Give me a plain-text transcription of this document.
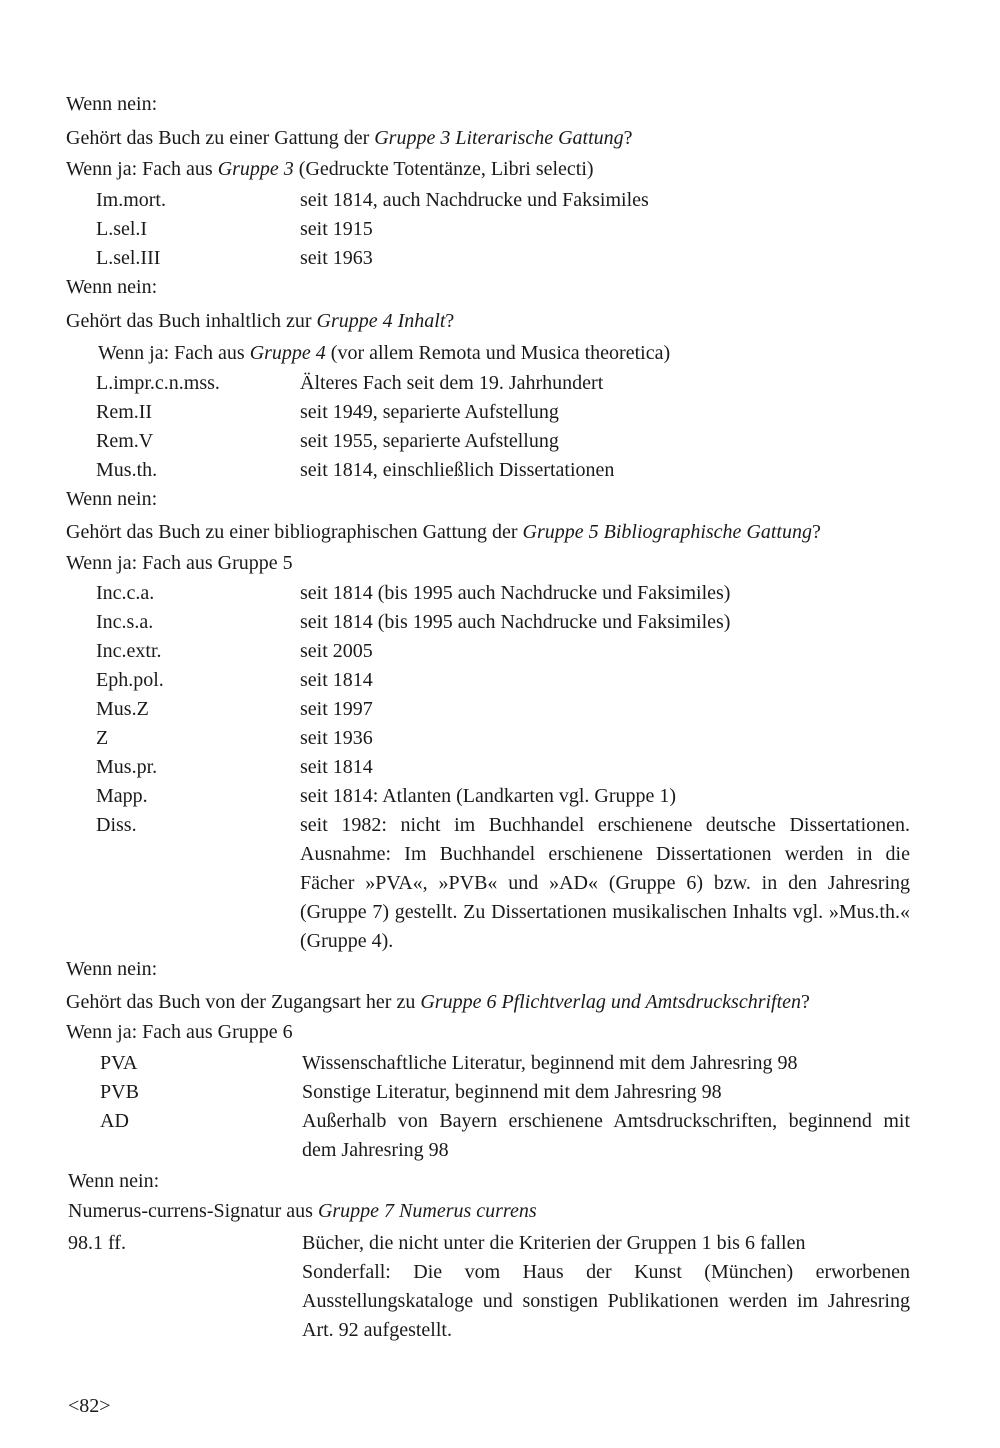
Wenn nein:
Gehört das Buch zu einer Gattung der Gruppe 3 Literarische Gattung?
Wenn ja: Fach aus Gruppe 3 (Gedruckte Totentänze, Libri selecti)
Im.mort.	seit 1814, auch Nachdrucke und Faksimiles
L.sel.I	seit 1915
L.sel.III	seit 1963
Wenn nein:
Gehört das Buch inhaltlich zur Gruppe 4 Inhalt?
Wenn ja: Fach aus Gruppe 4 (vor allem Remota und Musica theoretica)
L.impr.c.n.mss.	Älteres Fach seit dem 19. Jahrhundert
Rem.II	seit 1949, separierte Aufstellung
Rem.V	seit 1955, separierte Aufstellung
Mus.th.	seit 1814, einschließlich Dissertationen
Wenn nein:
Gehört das Buch zu einer bibliographischen Gattung der Gruppe 5 Bibliographische Gattung?
Wenn ja: Fach aus Gruppe 5
Inc.c.a.	seit 1814 (bis 1995 auch Nachdrucke und Faksimiles)
Inc.s.a.	seit 1814 (bis 1995 auch Nachdrucke und Faksimiles)
Inc.extr.	seit 2005
Eph.pol.	seit 1814
Mus.Z	seit 1997
Z	seit 1936
Mus.pr.	seit 1814
Mapp.	seit 1814: Atlanten (Landkarten vgl. Gruppe 1)
Diss.	seit 1982: nicht im Buchhandel erschienene deutsche Dissertationen. Ausnahme: Im Buchhandel erschienene Dissertationen werden in die Fächer »PVA«, »PVB« und »AD« (Gruppe 6) bzw. in den Jahresring (Gruppe 7) gestellt. Zu Dissertationen musikalischen Inhalts vgl. »Mus.th.« (Gruppe 4).
Wenn nein:
Gehört das Buch von der Zugangsart her zu Gruppe 6 Pflichtverlag und Amtsdruckschriften?
Wenn ja: Fach aus Gruppe 6
PVA	Wissenschaftliche Literatur, beginnend mit dem Jahresring 98
PVB	Sonstige Literatur, beginnend mit dem Jahresring 98
AD	Außerhalb von Bayern erschienene Amtsdruckschriften, beginnend mit dem Jahresring 98
Wenn nein:
Numerus-currens-Signatur aus Gruppe 7 Numerus currens
98.1 ff.	Bücher, die nicht unter die Kriterien der Gruppen 1 bis 6 fallen
Sonderfall: Die vom Haus der Kunst (München) erworbenen Ausstellungskataloge und sonstigen Publikationen werden im Jahresring Art. 92 aufgestellt.
<82>
